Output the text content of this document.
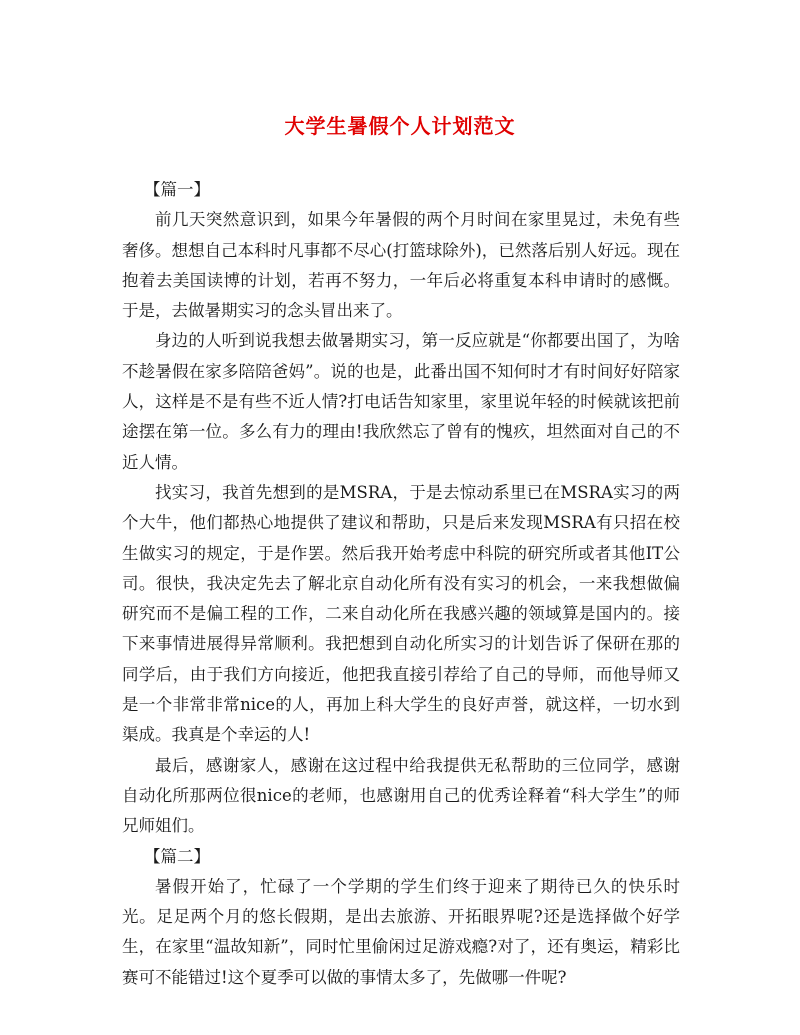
大学生暑假个人计划范文

【篇一】

前几天突然意识到，如果今年暑假的两个月时间在家里晃过，未免有些奢侈。想想自己本科时凡事都不尽心(打篮球除外)，已然落后别人好远。现在抱着去美国读博的计划，若再不努力，一年后必将重复本科申请时的感慨。于是，去做暑期实习的念头冒出来了。

身边的人听到说我想去做暑期实习，第一反应就是“你都要出国了，为啥不趁暑假在家多陪陪爸妈”。说的也是，此番出国不知何时才有时间好好陪家人，这样是不是有些不近人情?打电话告知家里，家里说年轻的时候就该把前途摆在第一位。多么有力的理由!我欣然忘了曾有的愧疚，坦然面对自己的不近人情。

找实习，我首先想到的是MSRA，于是去惊动系里已在MSRA实习的两个大牛，他们都热心地提供了建议和帮助，只是后来发现MSRA有只招在校生做实习的规定，于是作罢。然后我开始考虑中科院的研究所或者其他IT公司。很快，我决定先去了解北京自动化所有没有实习的机会，一来我想做偏研究而不是偏工程的工作，二来自动化所在我感兴趣的领域算是国内的。接下来事情进展得异常顺利。我把想到自动化所实习的计划告诉了保研在那的同学后，由于我们方向接近，他把我直接引荐给了自己的导师，而他导师又是一个非常非常nice的人，再加上科大学生的良好声誉，就这样，一切水到渠成。我真是个幸运的人!

最后，感谢家人，感谢在这过程中给我提供无私帮助的三位同学，感谢自动化所那两位很nice的老师，也感谢用自己的优秀诠释着“科大学生”的师兄师姐们。

【篇二】

暑假开始了，忙碌了一个学期的学生们终于迎来了期待已久的快乐时光。足足两个月的悠长假期，是出去旅游、开拓眼界呢?还是选择做个好学生，在家里“温故知新”，同时忙里偷闲过足游戏瘾?对了，还有奥运，精彩比赛可不能错过!这个夏季可以做的事情太多了，先做哪一件呢?
